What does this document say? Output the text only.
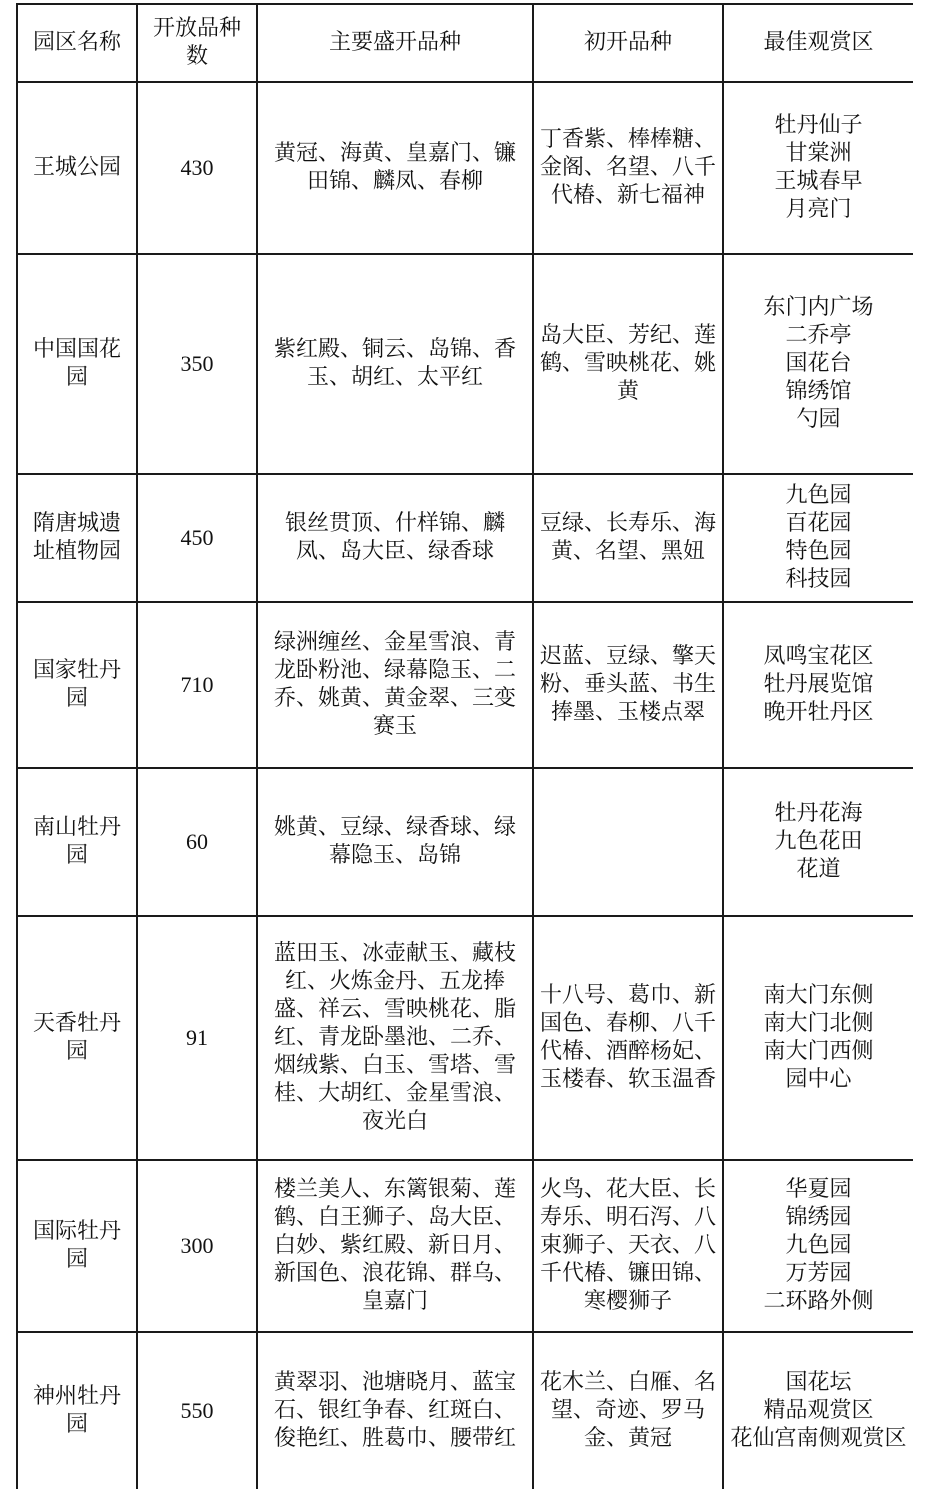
园区名称	开放品种数	主要盛开品种	初开品种	最佳观赏区
王城公园	430	黄冠、海黄、皇嘉门、镰田锦、麟凤、春柳	丁香紫、棒棒糖、金阁、名望、八千代椿、新七福神	牡丹仙子
甘棠洲
王城春早
月亮门

中国国花园	350	紫红殿、铜云、岛锦、香玉、胡红、太平红	岛大臣、芳纪、莲鹤、雪映桃花、姚黄	东门内广场
二乔亭
国花台
锦绣馆
勺园

隋唐城遗址植物园	450	银丝贯顶、什样锦、麟凤、岛大臣、绿香球	豆绿、长寿乐、海黄、名望、黑妞	九色园
百花园
特色园
科技园

国家牡丹园	710	绿洲缠丝、金星雪浪、青龙卧粉池、绿幕隐玉、二乔、姚黄、黄金翠、三变赛玉	迟蓝、豆绿、擎天粉、垂头蓝、书生捧墨、玉楼点翠	凤鸣宝花区
牡丹展览馆
晚开牡丹区

南山牡丹园	60	姚黄、豆绿、绿香球、绿幕隐玉、岛锦		牡丹花海
九色花田
花道

天香牡丹园	91	蓝田玉、冰壶献玉、藏枝红、火炼金丹、五龙捧盛、祥云、雪映桃花、脂红、青龙卧墨池、二乔、烟绒紫、白玉、雪塔、雪桂、大胡红、金星雪浪、夜光白	十八号、葛巾、新国色、春柳、八千代椿、酒醉杨妃、玉楼春、软玉温香	南大门东侧
南大门北侧
南大门西侧
园中心

国际牡丹园	300	楼兰美人、东篱银菊、莲鹤、白王狮子、岛大臣、白妙、紫红殿、新日月、新国色、浪花锦、群乌、皇嘉门	火鸟、花大臣、长寿乐、明石泻、八束狮子、天衣、八千代椿、镰田锦、寒樱狮子	华夏园
锦绣园
九色园
万芳园
二环路外侧

神州牡丹园	550	黄翠羽、池塘晓月、蓝宝石、银红争春、红斑白、俊艳红、胜葛巾、腰带红	花木兰、白雁、名望、奇迹、罗马金、黄冠	国花坛
精品观赏区
花仙宫南侧观赏区
